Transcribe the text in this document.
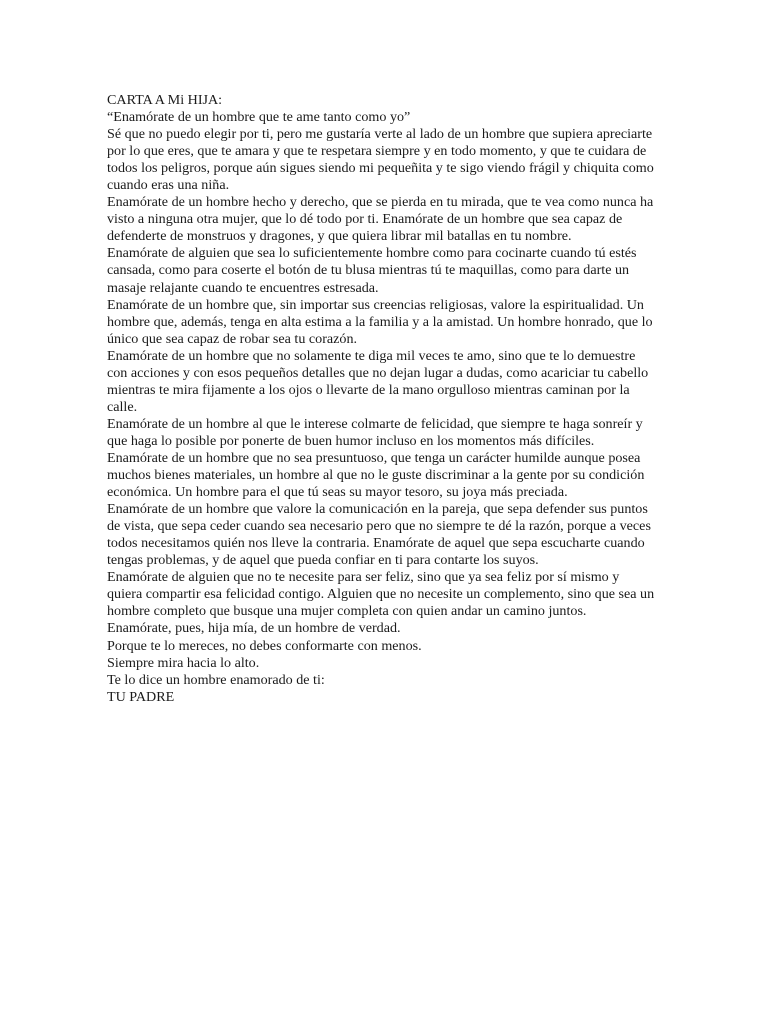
CARTA A Mi HIJA:

“Enamórate de un hombre que te ame tanto como yo”

Sé que no puedo elegir por ti, pero me gustaría verte al lado de un hombre que supiera apreciarte por lo que eres, que te amara y que te respetara siempre y en todo momento, y que te cuidara de todos los peligros, porque aún sigues siendo mi pequeñita y te sigo viendo frágil y chiquita como cuando eras una niña.

Enamórate de un hombre hecho y derecho, que se pierda en tu mirada, que te vea como nunca ha visto a ninguna otra mujer, que lo dé todo por ti. Enamórate de un hombre que sea capaz de defenderte de monstruos y dragones, y que quiera librar mil batallas en tu nombre.

Enamórate de alguien que sea lo suficientemente hombre como para cocinarte cuando tú estés cansada, como para coserte el botón de tu blusa mientras tú te maquillas, como para darte un masaje relajante cuando te encuentres estresada.

Enamórate de un hombre que, sin importar sus creencias religiosas, valore la espiritualidad. Un hombre que, además, tenga en alta estima a la familia y a la amistad. Un hombre honrado, que lo único que sea capaz de robar sea tu corazón.

Enamórate de un hombre que no solamente te diga mil veces te amo, sino que te lo demuestre con acciones y con esos pequeños detalles que no dejan lugar a dudas, como acariciar tu cabello mientras te mira fijamente a los ojos o llevarte de la mano orgulloso mientras caminan por la calle.

Enamórate de un hombre al que le interese colmarte de felicidad, que siempre te haga sonreír y que haga lo posible por ponerte de buen humor incluso en los momentos más difíciles.

Enamórate de un hombre que no sea presuntuoso, que tenga un carácter humilde aunque posea muchos bienes materiales, un hombre al que no le guste discriminar a la gente por su condición económica. Un hombre para el que tú seas su mayor tesoro, su joya más preciada.

Enamórate de un hombre que valore la comunicación en la pareja, que sepa defender sus puntos de vista, que sepa ceder cuando sea necesario pero que no siempre te dé la razón, porque a veces todos necesitamos quién nos lleve la contraria. Enamórate de aquel que sepa escucharte cuando tengas problemas, y de aquel que pueda confiar en ti para contarte los suyos.

Enamórate de alguien que no te necesite para ser feliz, sino que ya sea feliz por sí mismo y quiera compartir esa felicidad contigo. Alguien que no necesite un complemento, sino que sea un hombre completo que busque una mujer completa con quien andar un camino juntos.

Enamórate, pues, hija mía, de un hombre de verdad.

Porque te lo mereces, no debes conformarte con menos.

Siempre mira hacia lo alto.

Te lo dice un hombre enamorado de ti:

TU PADRE
